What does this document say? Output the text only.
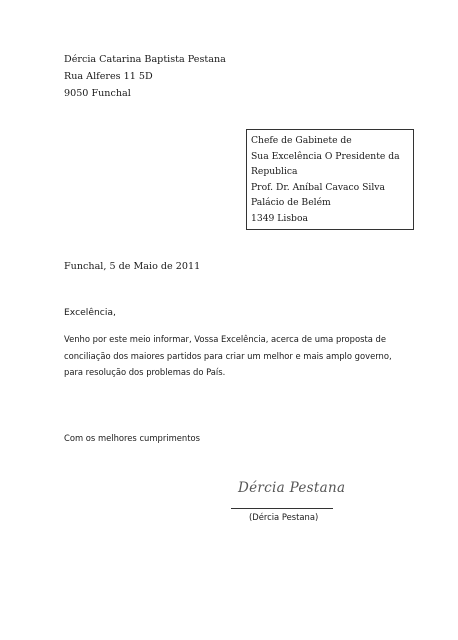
Dércia Catarina Baptista Pestana
Rua Alferes 11 5D
9050 Funchal
Chefe de Gabinete de
Sua Excelência O Presidente da
Republica
Prof. Dr. Aníbal Cavaco Silva
Palácio de Belém
1349 Lisboa
Funchal, 5 de Maio de 2011
Excelência,
Venho por este meio informar, Vossa Excelência, acerca de uma proposta de
conciliação dos maiores partidos para criar um melhor e mais amplo governo,
para resolução dos problemas do País.
Com os melhores cumprimentos
Dércia Pestana
(Dércia Pestana)
